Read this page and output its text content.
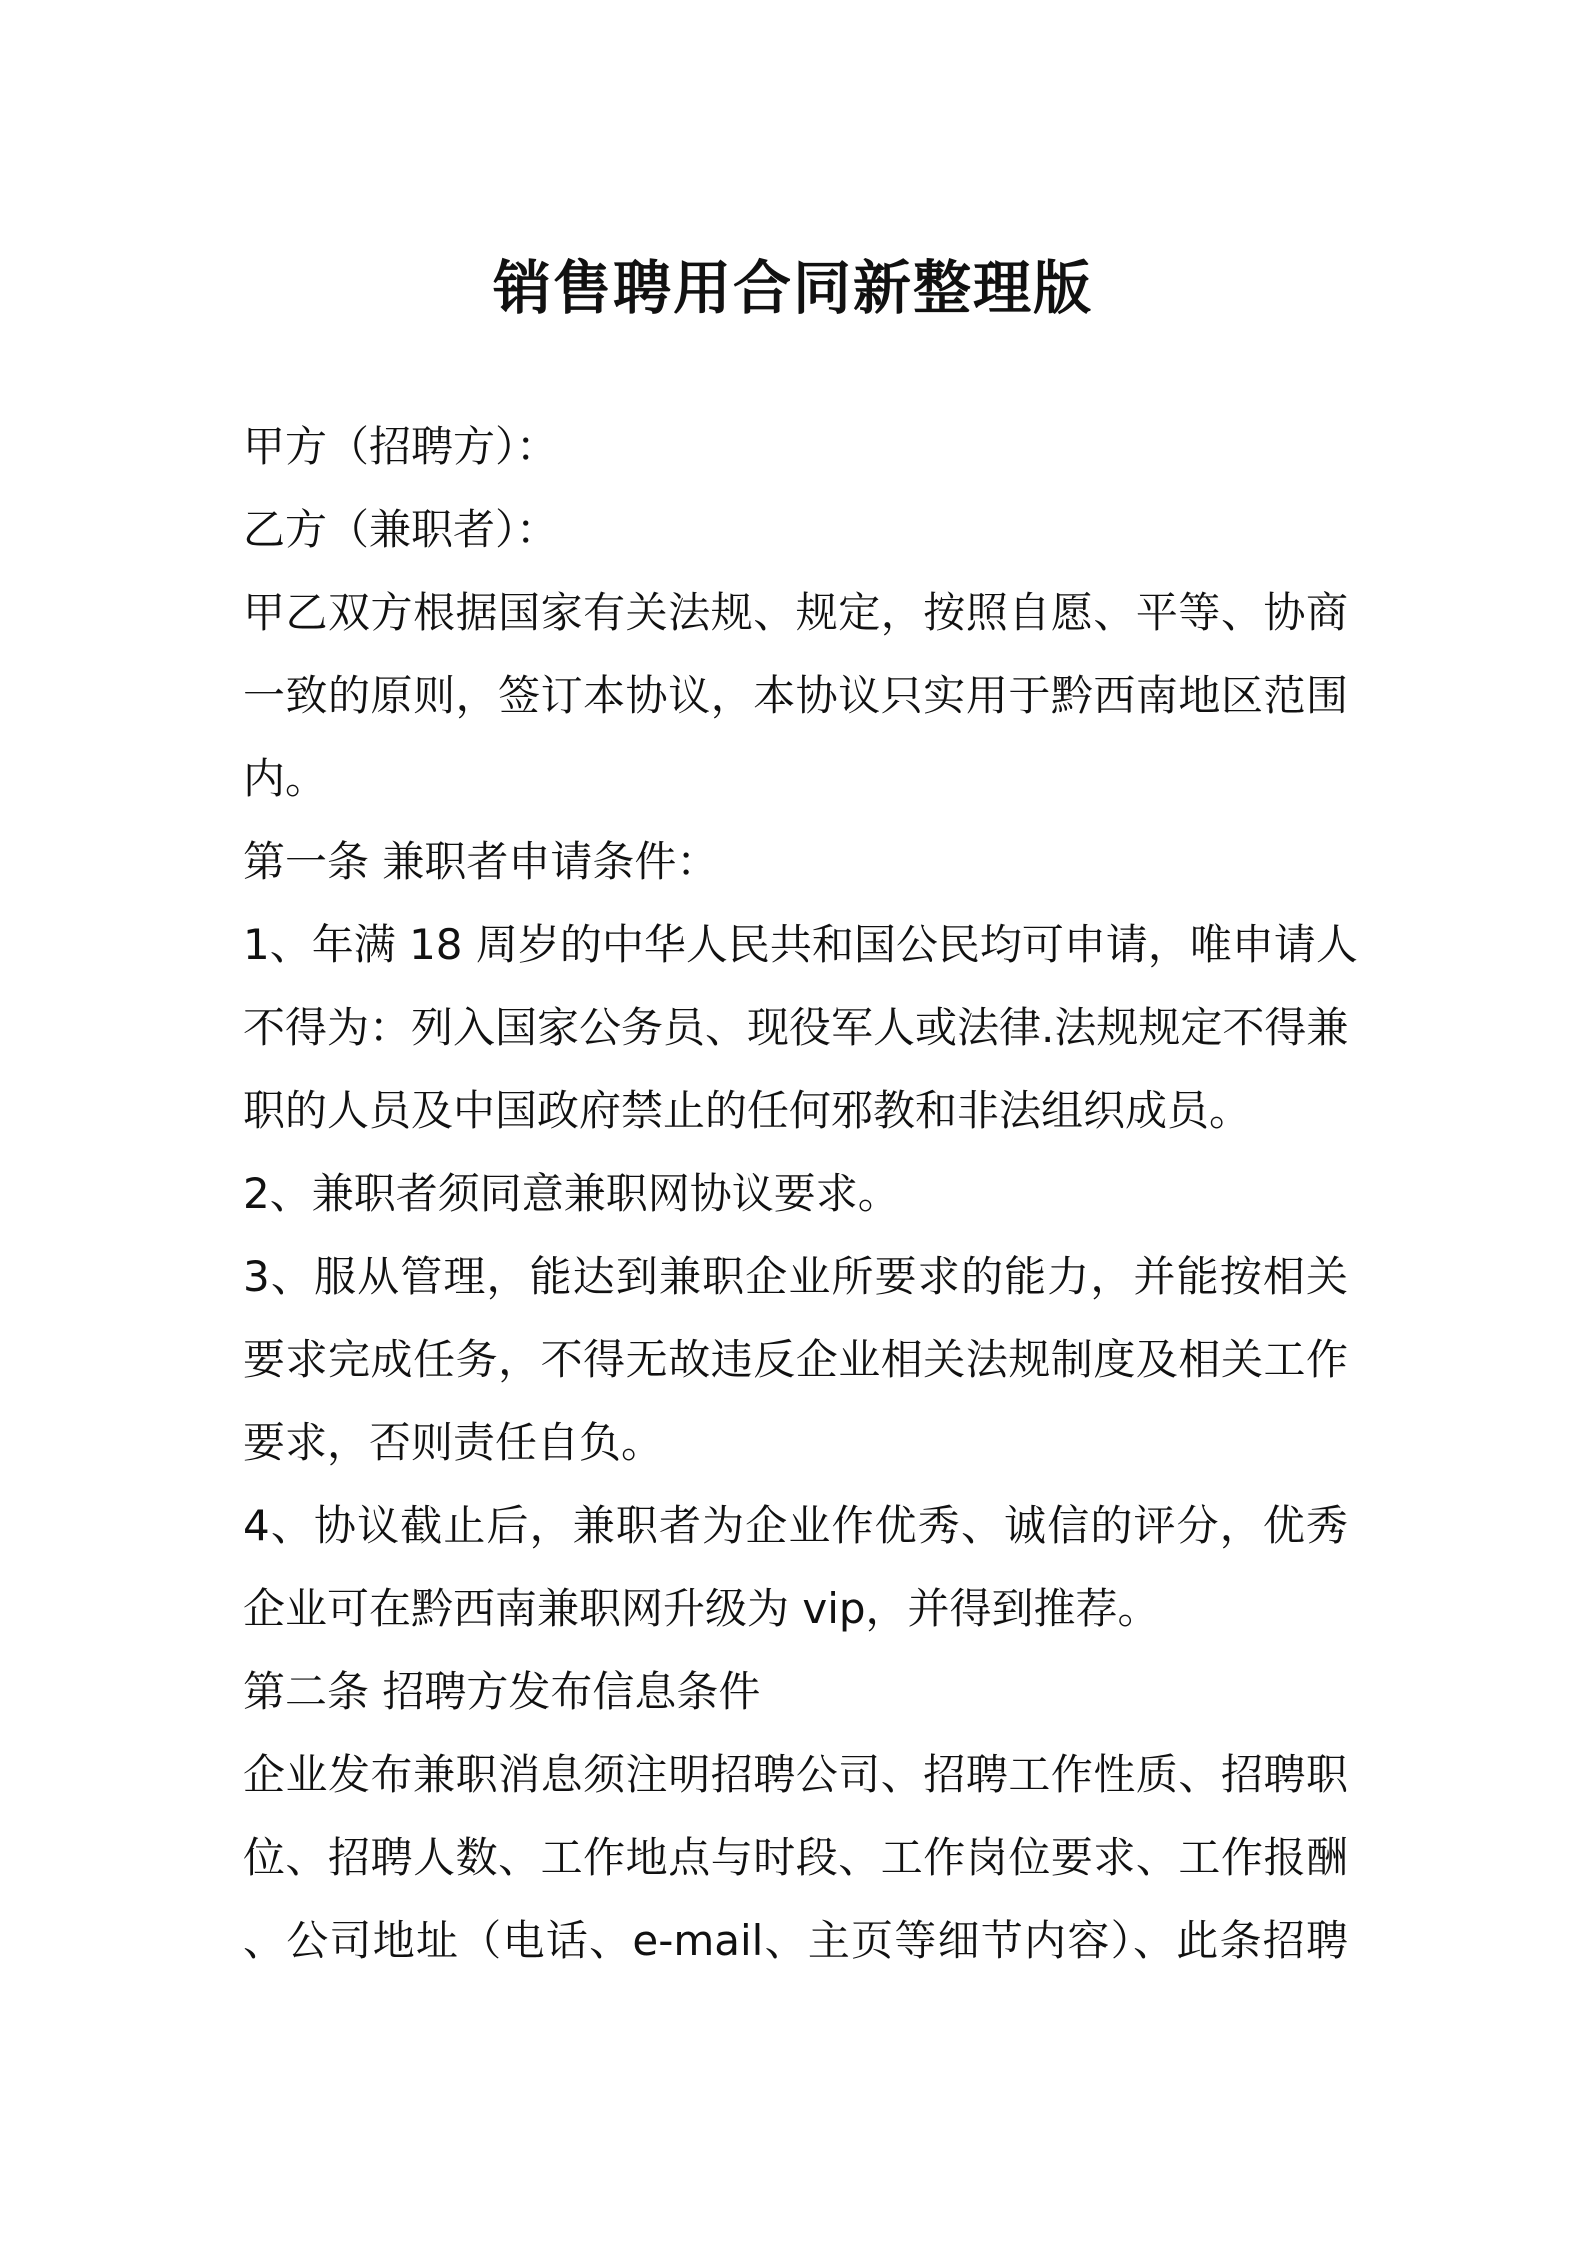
销售聘用合同新整理版
甲方（招聘方）：
乙方（兼职者）：
甲乙双方根据国家有关法规、规定，按照自愿、平等、协商
一致的原则，签订本协议，本协议只实用于黔西南地区范围
内。
第一条 兼职者申请条件：
1、年满 18 周岁的中华人民共和国公民均可申请，唯申请人
不得为：列入国家公务员、现役军人或法律.法规规定不得兼
职的人员及中国政府禁止的任何邪教和非法组织成员。
2、兼职者须同意兼职网协议要求。
3、服从管理，能达到兼职企业所要求的能力，并能按相关
要求完成任务，不得无故违反企业相关法规制度及相关工作
要求，否则责任自负。
4、协议截止后，兼职者为企业作优秀、诚信的评分，优秀
企业可在黔西南兼职网升级为 vip，并得到推荐。
第二条 招聘方发布信息条件
企业发布兼职消息须注明招聘公司、招聘工作性质、招聘职
位、招聘人数、工作地点与时段、工作岗位要求、工作报酬
、公司地址（电话、e-mail、主页等细节内容）、此条招聘
